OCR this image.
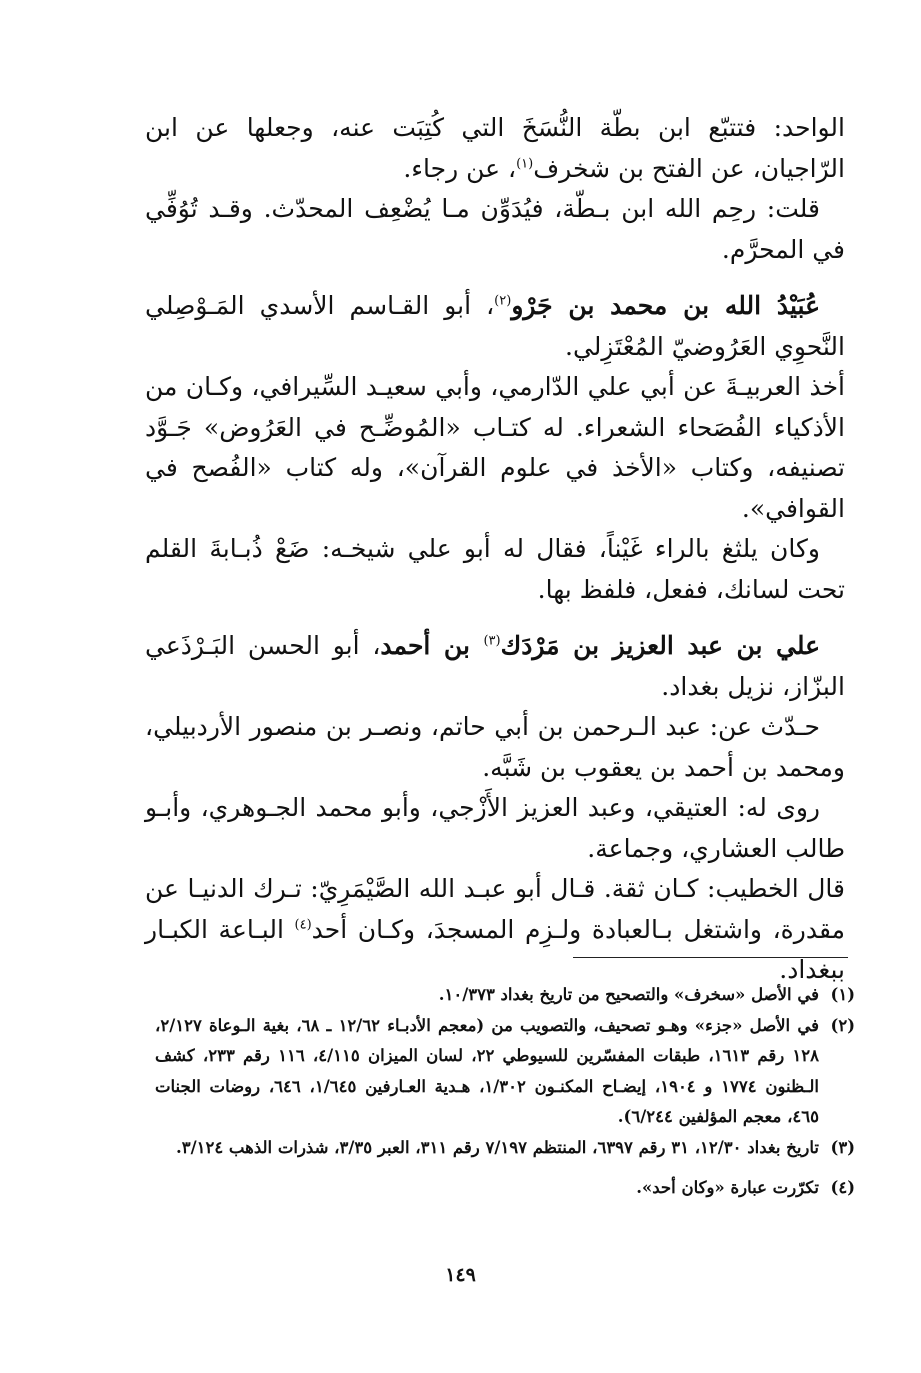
الواحد: فتتبّع ابن بطّة النُّسَخَ التي كُتِبَت عنه، وجعلها عن ابن الرّاجيان، عن الفتح بن شخرف$^{(١)}$، عن رجاء.

قلت: رحِم الله ابن بـطّة، فيُدَوِّن مـا يُضْعِف المحدّث. وقـد تُوُفِّي في المحرَّم.

عُبَيْدُ الله بن محمد بن جَرْو$^{(٢)}$، أبو القـاسم الأسدي المَـوْصِلي النَّحوِي العَرُوضيّ المُعْتَزِلي.

أخذ العربيـةَ عن أبي علي الدّارمي، وأبي سعيـد السِّيرافي، وكـان من الأذكياء الفُصَحاء الشعراء. له كتـاب «المُوضِّـح في العَرُوض» جَـوَّد تصنيفه، وكتاب «الأخذ في علوم القرآن»، وله كتاب «الفُصح في القوافي».

وكان يلثغ بالراء غَيْناً، فقال له أبو علي شيخـه: ضَعْ ذُبـابةَ القلم تحت لسانك، ففعل، فلفظ بها.

علي بن عبد العزيز بن مَرْدَك$^{(٣)}$ بن أحمد، أبو الحسن البَـرْذَعي البزّاز، نزيل بغداد.

حـدّث عن: عبد الـرحمن بن أبي حاتم، ونصـر بن منصور الأردبيلي، ومحمد بن أحمد بن يعقوب بن شَبَّه.

روى له: العتيقي، وعبد العزيز الأَزْجي، وأبو محمد الجـوهري، وأبـو طالب العشاري، وجماعة.

قال الخطيب: كـان ثقة. قـال أبو عبـد الله الصَّيْمَرِيّ: تـرك الدنيـا عن مقدرة، واشتغل بـالعبادة ولـزِم المسجدَ، وكـان أحد$^{(٤)}$ البـاعة الكبـار ببغداد.

(١)
في الأصل «سخرف» والتصحيح من تاريخ بغداد ١٠/٣٧٣.
(٢)
في الأصل «جزء» وهـو تصحيف، والتصويب من (معجم الأدبـاء ١٢/٦٢ ـ ٦٨، بغية الـوعاة ٢/١٢٧، ١٢٨ رقم ١٦١٣، طبقات المفسّرين للسيوطي ٢٢، لسان الميزان ٤/١١٥، ١١٦ رقم ٢٣٣، كشف الـظنون ١٧٧٤ و ١٩٠٤، إيضـاح المكنـون ١/٣٠٢، هـدية العـارفين ١/٦٤٥، ٦٤٦، روضات الجنات ٤٦٥، معجم المؤلفين ٦/٢٤٤).
(٣)
تاريخ بغداد ١٢/٣٠، ٣١ رقم ٦٣٩٧، المنتظم ٧/١٩٧ رقم ٣١١، العبر ٣/٣٥، شذرات الذهب ٣/١٢٤.
(٤)
تكرّرت عبارة «وكان أحد».
١٤٩
